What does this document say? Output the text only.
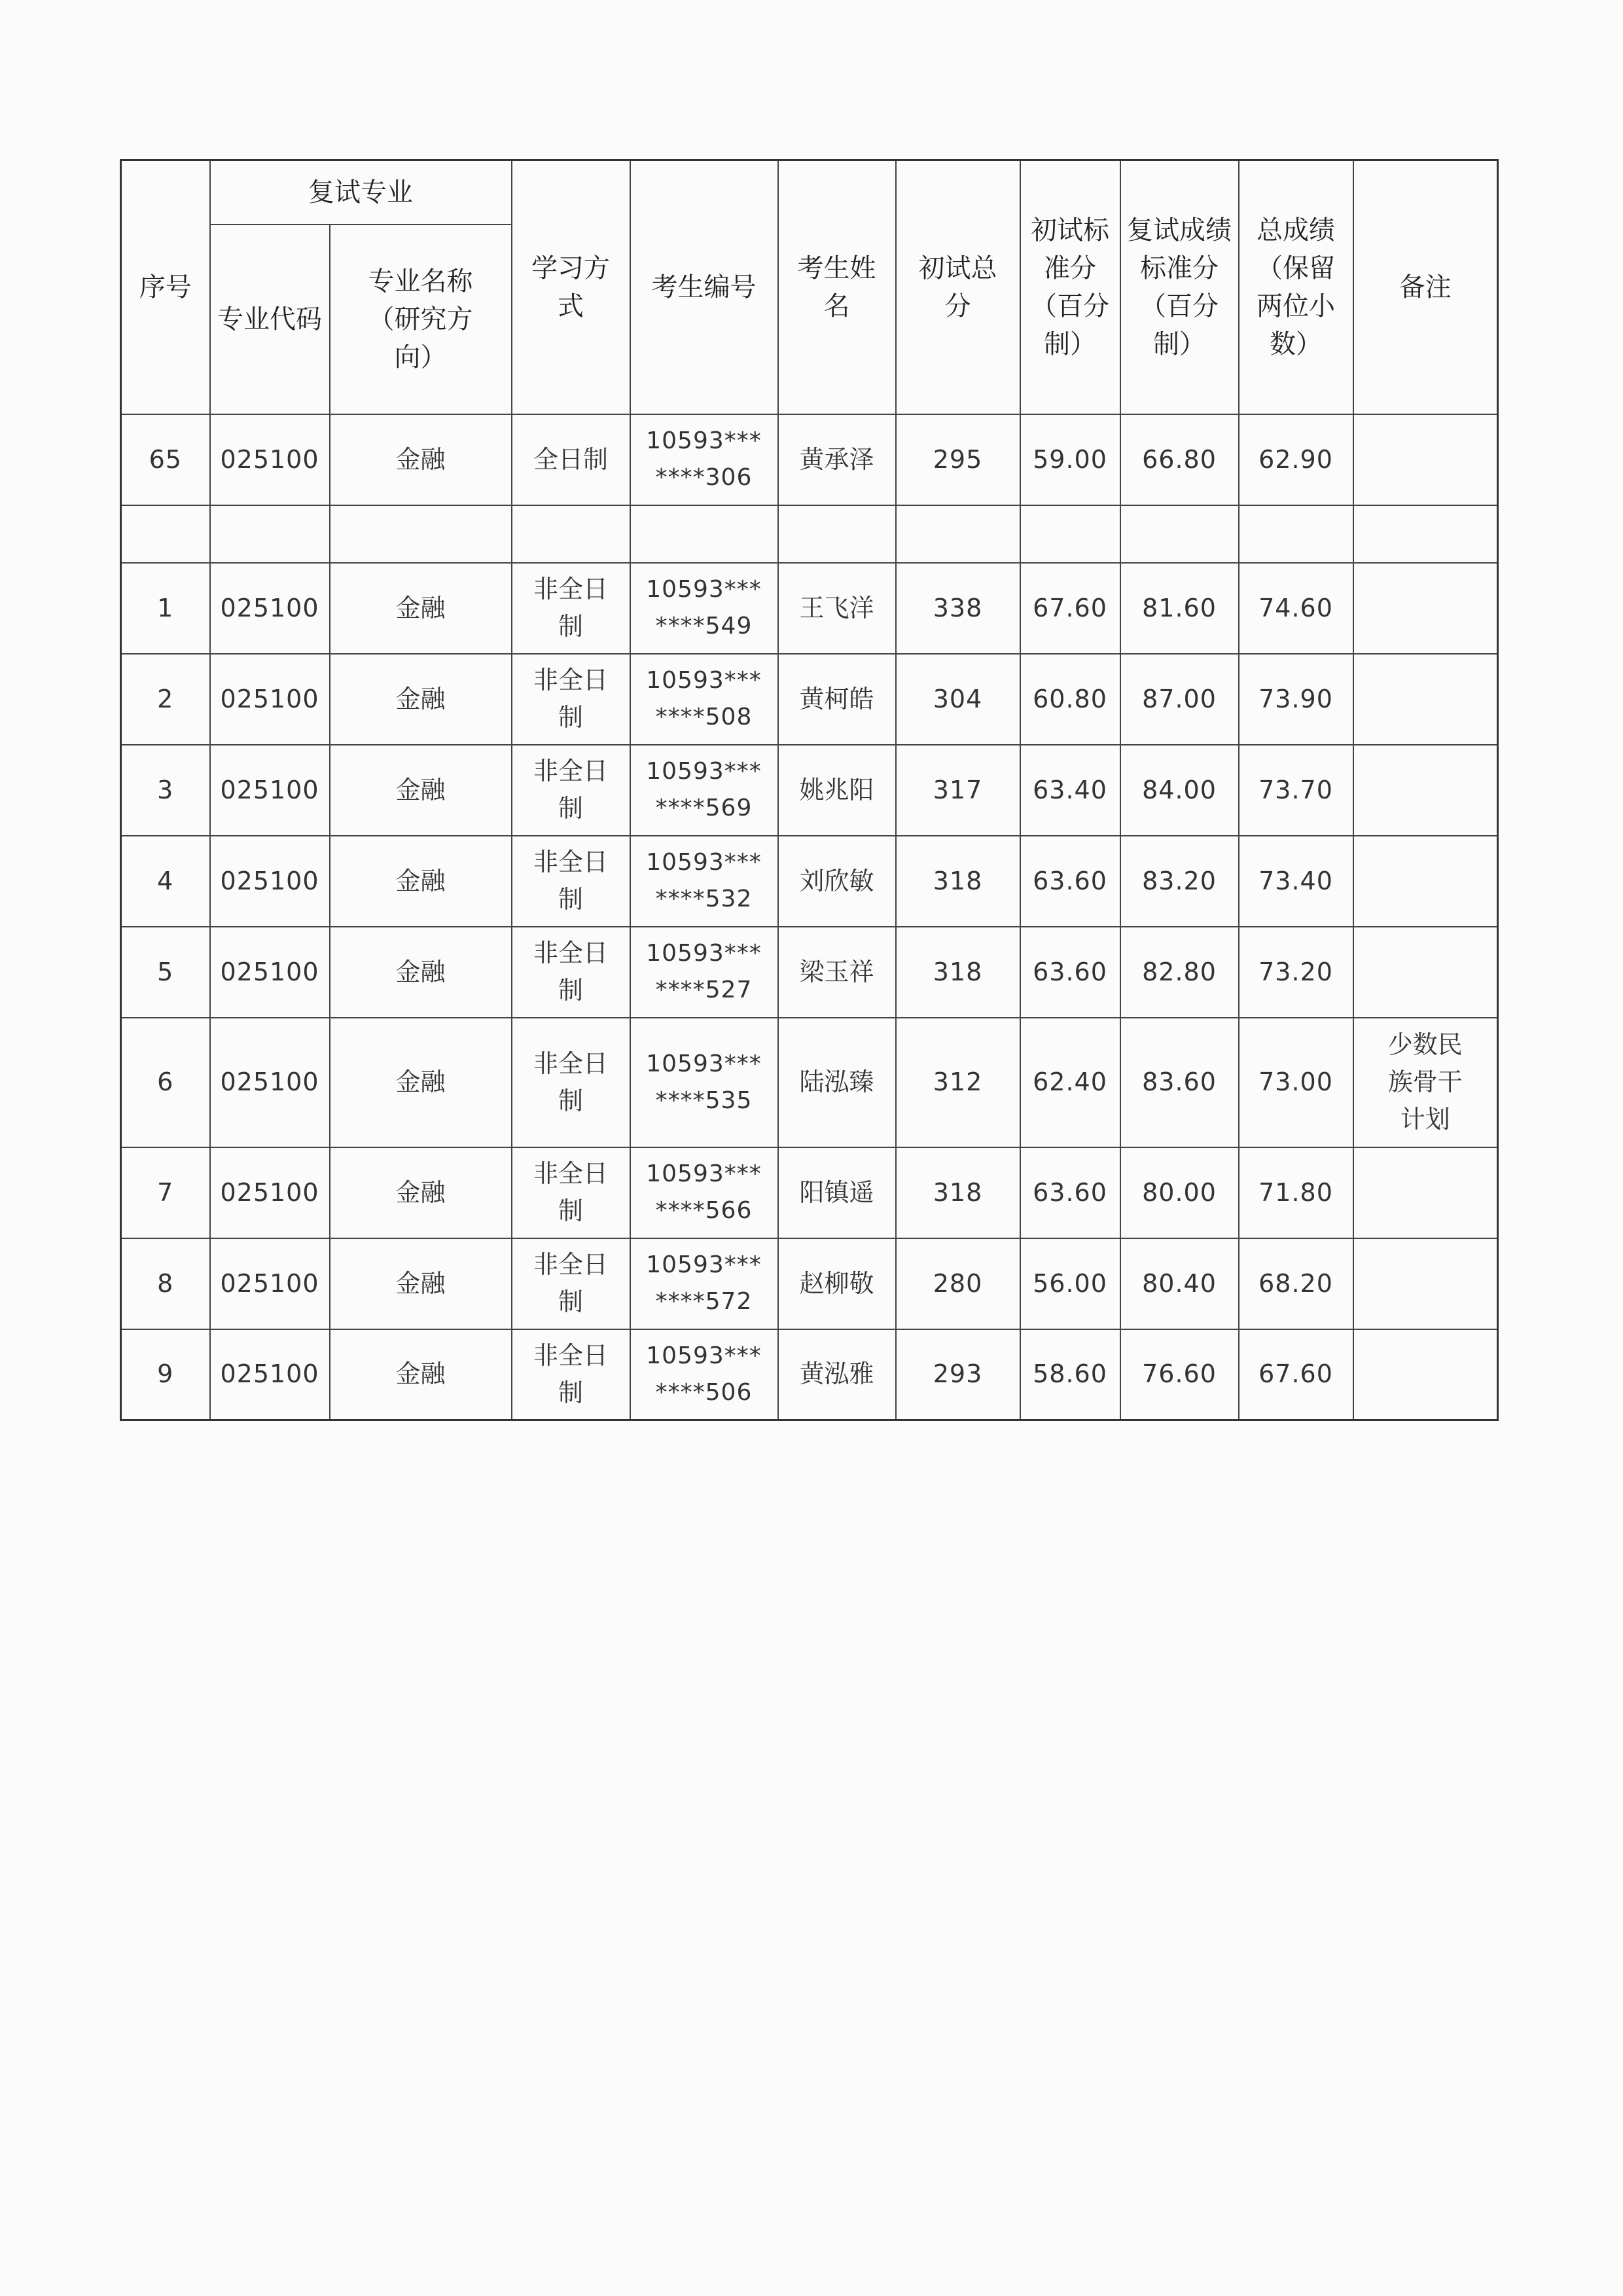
序号	复试专业		学习方式	考生编号	考生姓名	初试总分	初试标准分（百分制）	复试成绩标准分（百分制）	总成绩（保留两位小数）	备注

	专业代码	专业名称（研究方向）								

65	025100	金融	全日制	10593***
****306	黄承泽	295	59.00	66.80	62.90	

1	025100	金融	非全日制	10593***
****549	王飞洋	338	67.60	81.60	74.60	

2	025100	金融	非全日制	10593***
****508	黄柯皓	304	60.80	87.00	73.90	

3	025100	金融	非全日制	10593***
****569	姚兆阳	317	63.40	84.00	73.70	

4	025100	金融	非全日制	10593***
****532	刘欣敏	318	63.60	83.20	73.40	

5	025100	金融	非全日制	10593***
****527	梁玉祥	318	63.60	82.80	73.20	

6	025100	金融	非全日制	10593***
****535	陆泓臻	312	62.40	83.60	73.00	少数民族骨干计划

7	025100	金融	非全日制	10593***
****566	阳镇遥	318	63.60	80.00	71.80	

8	025100	金融	非全日制	10593***
****572	赵柳敬	280	56.00	80.40	68.20	

9	025100	金融	非全日制	10593***
****506	黄泓雅	293	58.60	76.60	67.60	
